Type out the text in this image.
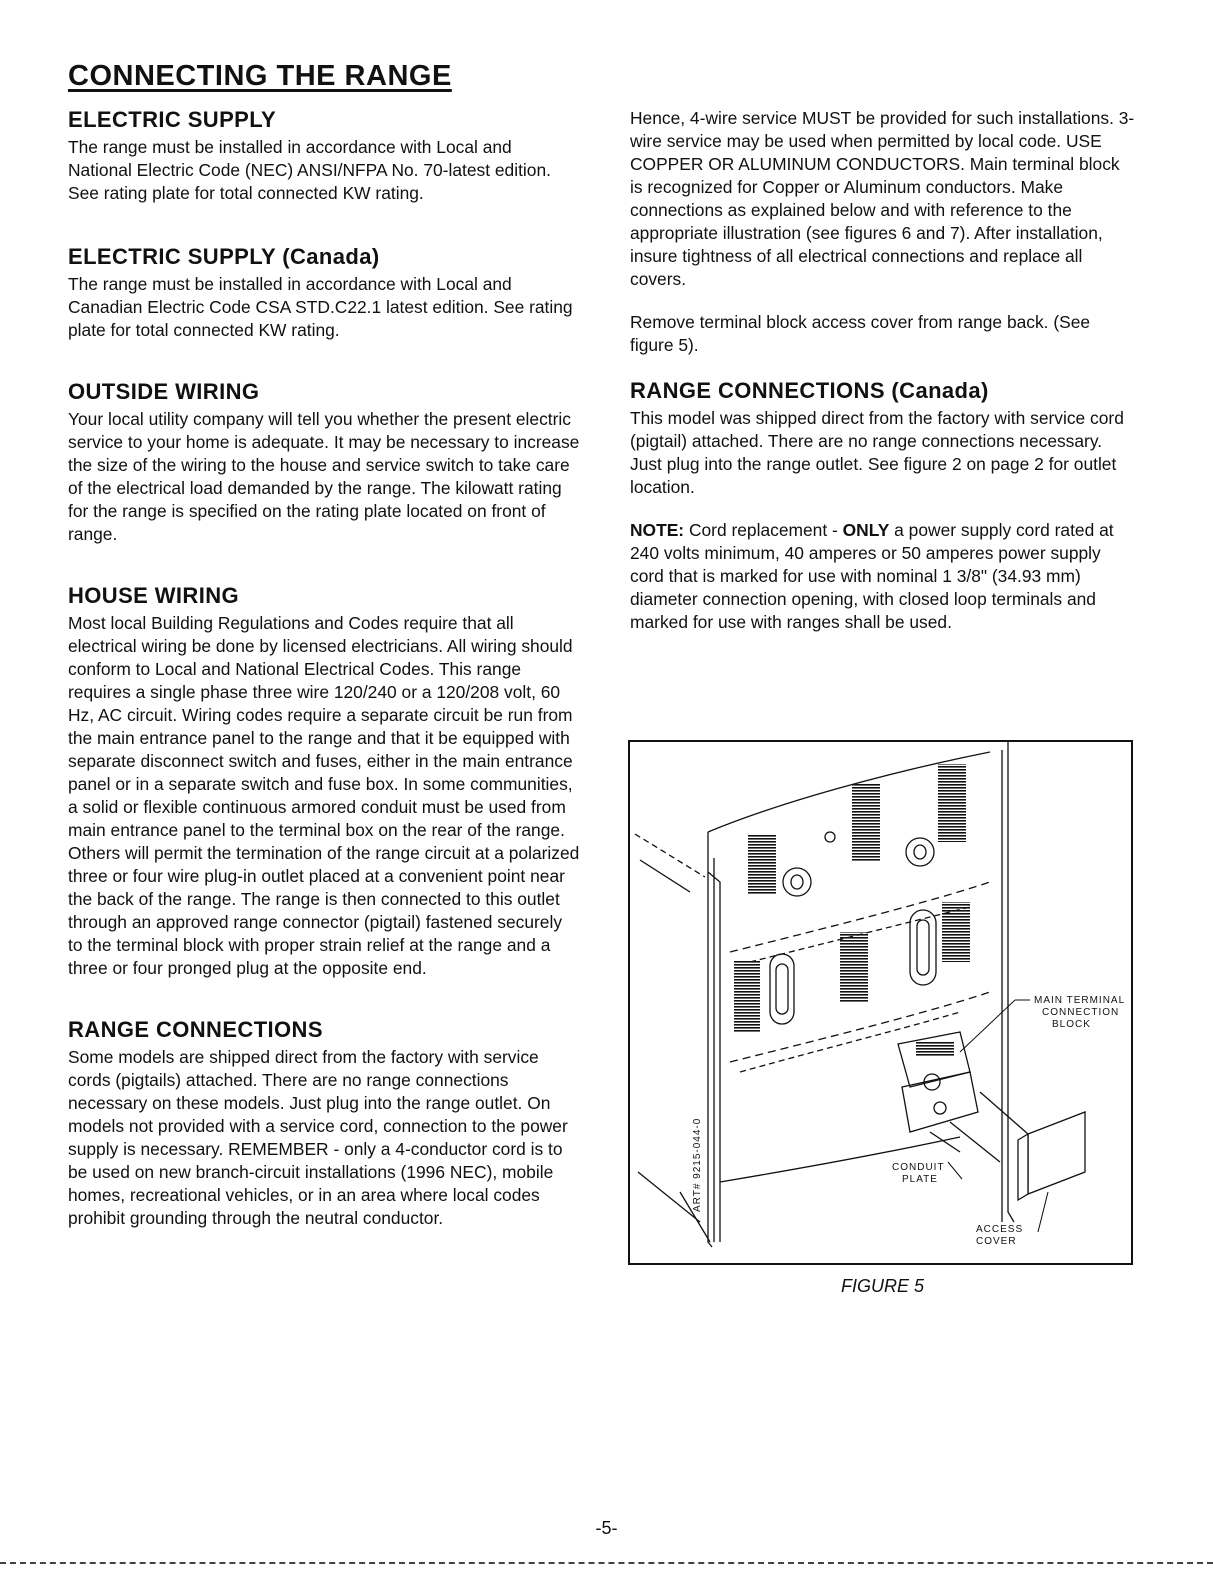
CONNECTING THE RANGE
ELECTRIC SUPPLY

The range must be installed in accordance with Local and National Electric Code (NEC) ANSI/NFPA No. 70-latest edition. See rating plate for total connected KW rating.

ELECTRIC SUPPLY (Canada)

The range must be installed in accordance with Local and Canadian Electric Code CSA STD.C22.1 latest edition. See rating plate for total connected KW rating.

OUTSIDE WIRING

Your local utility company will tell you whether the present electric service to your home is adequate. It may be necessary to increase the size of the wiring to the house and service switch to take care of the electrical load demanded by the range. The kilowatt rating for the range is specified on the rating plate located on front of range.

HOUSE WIRING

Most local Building Regulations and Codes require that all electrical wiring be done by licensed electricians. All wiring should conform to Local and National Electrical Codes. This range requires a single phase three wire 120/240 or a 120/208 volt, 60 Hz, AC circuit. Wiring codes require a separate circuit be run from the main entrance panel to the range and that it be equipped with separate disconnect switch and fuses, either in the main entrance panel or in a separate switch and fuse box. In some communities, a solid or flexible continuous armored conduit must be used from main entrance panel to the terminal box on the rear of the range. Others will permit the termination of the range circuit at a polarized three or four wire plug-in outlet placed at a convenient point near the back of the range. The range is then connected to this outlet through an approved range connector (pigtail) fastened securely to the terminal block with proper strain relief at the range and a three or four pronged plug at the opposite end.

RANGE CONNECTIONS

Some models are shipped direct from the factory with service cords (pigtails) attached. There are no range connections necessary on these models. Just plug into the range outlet. On models not provided with a service cord, connection to the power supply is necessary. REMEMBER - only a 4-conductor cord is to be used on new branch-circuit installations (1996 NEC), mobile homes, recreational vehicles, or in an area where local codes prohibit grounding through the neutral conductor.

Hence, 4-wire service MUST be provided for such installations. 3-wire service may be used when permitted by local code. USE COPPER OR ALUMINUM CONDUCTORS. Main terminal block is recognized for Copper or Aluminum conductors. Make connections as explained below and with reference to the appropriate illustration (see figures 6 and 7). After installation, insure tightness of all electrical connections and replace all covers.

Remove terminal block access cover from range back. (See figure 5).

RANGE CONNECTIONS (Canada)

This model was shipped direct from the factory with service cord (pigtail) attached. There are no range connections necessary. Just plug into the range outlet. See figure 2 on page 2 for outlet location.

NOTE: Cord replacement - ONLY a power supply cord rated at 240 volts minimum, 40 amperes or 50 amperes power supply cord that is marked for use with nominal 1 3/8" (34.93 mm) diameter connection opening, with closed loop terminals and marked for use with ranges shall be used.

MAIN TERMINAL
CONNECTION
BLOCK
CONDUIT
PLATE
ACCESS
COVER
ART# 9215-044-0

FIGURE 5

-5-
